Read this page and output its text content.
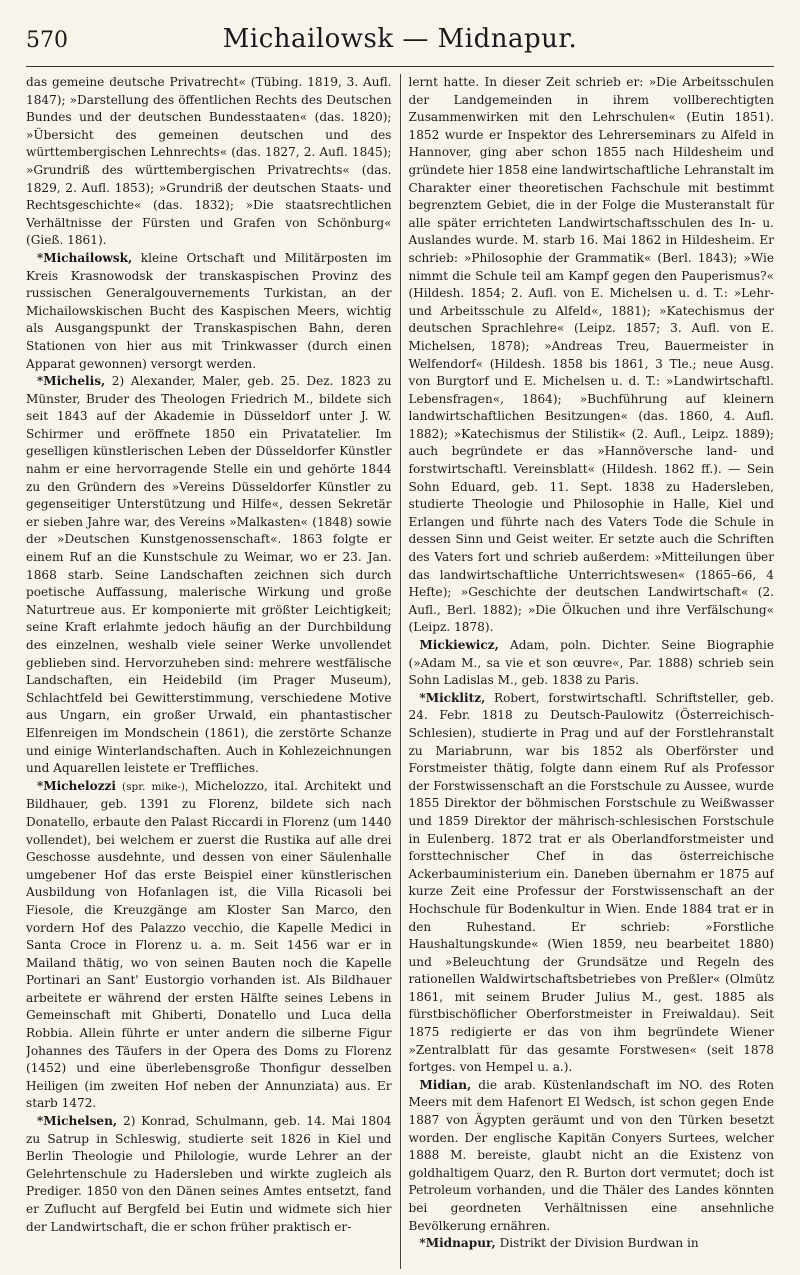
570	Michailowsk — Midnapur.

das gemeine deutsche Privatrecht« (Tübing. 1819, 3. Aufl. 1847); »Darstellung des öffentlichen Rechts des Deutschen Bundes und der deutschen Bundesstaaten« (das. 1820); »Übersicht des gemeinen deutschen und des württembergischen Lehnrechts« (das. 1827, 2. Aufl. 1845); »Grundriß des württembergischen Privatrechts« (das. 1829, 2. Aufl. 1853); »Grundriß der deutschen Staats- und Rechtsgeschichte« (das. 1832); »Die staatsrechtlichen Verhältnisse der Fürsten und Grafen von Schönburg« (Gieß. 1861).

*Michailowsk, kleine Ortschaft und Militärposten im Kreis Krasnowodsk der transkaspischen Provinz des russischen Generalgouvernements Turkistan, an der Michailowskischen Bucht des Kaspischen Meers, wichtig als Ausgangspunkt der Transkaspischen Bahn, deren Stationen von hier aus mit Trinkwasser (durch einen Apparat gewonnen) versorgt werden.

*Michelis, 2) Alexander, Maler, geb. 25. Dez. 1823 zu Münster, Bruder des Theologen Friedrich M., bildete sich seit 1843 auf der Akademie in Düsseldorf unter J. W. Schirmer und eröffnete 1850 ein Privatatelier. Im geselligen künstlerischen Leben der Düsseldorfer Künstler nahm er eine hervorragende Stelle ein und gehörte 1844 zu den Gründern des »Vereins Düsseldorfer Künstler zu gegenseitiger Unterstützung und Hilfe«, dessen Sekretär er sieben Jahre war, des Vereins »Malkasten« (1848) sowie der »Deutschen Kunstgenossenschaft«. 1863 folgte er einem Ruf an die Kunstschule zu Weimar, wo er 23. Jan. 1868 starb. Seine Landschaften zeichnen sich durch poetische Auffassung, malerische Wirkung und große Naturtreue aus. Er komponierte mit größter Leichtigkeit; seine Kraft erlahmte jedoch häufig an der Durchbildung des einzelnen, weshalb viele seiner Werke unvollendet geblieben sind. Hervorzuheben sind: mehrere westfälische Landschaften, ein Heidebild (im Prager Museum), Schlachtfeld bei Gewitterstimmung, verschiedene Motive aus Ungarn, ein großer Urwald, ein phantastischer Elfenreigen im Mondschein (1861), die zerstörte Schanze und einige Winterlandschaften. Auch in Kohlezeichnungen und Aquarellen leistete er Treffliches.

*Michelozzi (spr. mike-), Michelozzo, ital. Architekt und Bildhauer, geb. 1391 zu Florenz, bildete sich nach Donatello, erbaute den Palast Riccardi in Florenz (um 1440 vollendet), bei welchem er zuerst die Rustika auf alle drei Geschosse ausdehnte, und dessen von einer Säulenhalle umgebener Hof das erste Beispiel einer künstlerischen Ausbildung von Hofanlagen ist, die Villa Ricasoli bei Fiesole, die Kreuzgänge am Kloster San Marco, den vordern Hof des Palazzo vecchio, die Kapelle Medici in Santa Croce in Florenz u. a. m. Seit 1456 war er in Mailand thätig, wo von seinen Bauten noch die Kapelle Portinari an Sant' Eustorgio vorhanden ist. Als Bildhauer arbeitete er während der ersten Hälfte seines Lebens in Gemeinschaft mit Ghiberti, Donatello und Luca della Robbia. Allein führte er unter andern die silberne Figur Johannes des Täufers in der Opera des Doms zu Florenz (1452) und eine überlebensgroße Thonfigur desselben Heiligen (im zweiten Hof neben der Annunziata) aus. Er starb 1472.

*Michelsen, 2) Konrad, Schulmann, geb. 14. Mai 1804 zu Satrup in Schleswig, studierte seit 1826 in Kiel und Berlin Theologie und Philologie, wurde Lehrer an der Gelehrtenschule zu Hadersleben und wirkte zugleich als Prediger. 1850 von den Dänen seines Amtes entsetzt, fand er Zuflucht auf Bergfeld bei Eutin und widmete sich hier der Landwirtschaft, die er schon früher praktisch er-

lernt hatte. In dieser Zeit schrieb er: »Die Arbeitsschulen der Landgemeinden in ihrem vollberechtigten Zusammenwirken mit den Lehrschulen« (Eutin 1851). 1852 wurde er Inspektor des Lehrerseminars zu Alfeld in Hannover, ging aber schon 1855 nach Hildesheim und gründete hier 1858 eine landwirtschaftliche Lehranstalt im Charakter einer theoretischen Fachschule mit bestimmt begrenztem Gebiet, die in der Folge die Musteranstalt für alle später errichteten Landwirtschaftsschulen des In- u. Auslandes wurde. M. starb 16. Mai 1862 in Hildesheim. Er schrieb: »Philosophie der Grammatik« (Berl. 1843); »Wie nimmt die Schule teil am Kampf gegen den Pauperismus?« (Hildesh. 1854; 2. Aufl. von E. Michelsen u. d. T.: »Lehr- und Arbeitsschule zu Alfeld«, 1881); »Katechismus der deutschen Sprachlehre« (Leipz. 1857; 3. Aufl. von E. Michelsen, 1878); »Andreas Treu, Bauermeister in Welfendorf« (Hildesh. 1858 bis 1861, 3 Tle.; neue Ausg. von Burgtorf und E. Michelsen u. d. T.: »Landwirtschaftl. Lebensfragen«, 1864); »Buchführung auf kleinern landwirtschaftlichen Besitzungen« (das. 1860, 4. Aufl. 1882); »Katechismus der Stilistik« (2. Aufl., Leipz. 1889); auch begründete er das »Hannöversche land- und forstwirtschaftl. Vereinsblatt« (Hildesh. 1862 ff.). — Sein Sohn Eduard, geb. 11. Sept. 1838 zu Hadersleben, studierte Theologie und Philosophie in Halle, Kiel und Erlangen und führte nach des Vaters Tode die Schule in dessen Sinn und Geist weiter. Er setzte auch die Schriften des Vaters fort und schrieb außerdem: »Mitteilungen über das landwirtschaftliche Unterrichtswesen« (1865–66, 4 Hefte); »Geschichte der deutschen Landwirtschaft« (2. Aufl., Berl. 1882); »Die Ölkuchen und ihre Verfälschung« (Leipz. 1878).

Mickiewicz, Adam, poln. Dichter. Seine Biographie (»Adam M., sa vie et son œuvre«, Par. 1888) schrieb sein Sohn Ladislas M., geb. 1838 zu Paris.

*Micklitz, Robert, forstwirtschaftl. Schriftsteller, geb. 24. Febr. 1818 zu Deutsch-Paulowitz (Österreichisch-Schlesien), studierte in Prag und auf der Forstlehranstalt zu Mariabrunn, war bis 1852 als Oberförster und Forstmeister thätig, folgte dann einem Ruf als Professor der Forstwissenschaft an die Forstschule zu Aussee, wurde 1855 Direktor der böhmischen Forstschule zu Weißwasser und 1859 Direktor der mährisch-schlesischen Forstschule in Eulenberg. 1872 trat er als Oberlandforstmeister und forsttechnischer Chef in das österreichische Ackerbauministerium ein. Daneben übernahm er 1875 auf kurze Zeit eine Professur der Forstwissenschaft an der Hochschule für Bodenkultur in Wien. Ende 1884 trat er in den Ruhestand. Er schrieb: »Forstliche Haushaltungskunde« (Wien 1859, neu bearbeitet 1880) und »Beleuchtung der Grundsätze und Regeln des rationellen Waldwirtschaftsbetriebes von Preßler« (Olmütz 1861, mit seinem Bruder Julius M., gest. 1885 als fürstbischöflicher Oberforstmeister in Freiwaldau). Seit 1875 redigierte er das von ihm begründete Wiener »Zentralblatt für das gesamte Forstwesen« (seit 1878 fortges. von Hempel u. a.).

Midian, die arab. Küstenlandschaft im NO. des Roten Meers mit dem Hafenort El Wedsch, ist schon gegen Ende 1887 von Ägypten geräumt und von den Türken besetzt worden. Der englische Kapitän Conyers Surtees, welcher 1888 M. bereiste, glaubt nicht an die Existenz von goldhaltigem Quarz, den R. Burton dort vermutet; doch ist Petroleum vorhanden, und die Thäler des Landes könnten bei geordneten Verhältnissen eine ansehnliche Bevölkerung ernähren.

*Midnapur, Distrikt der Division Burdwan in
